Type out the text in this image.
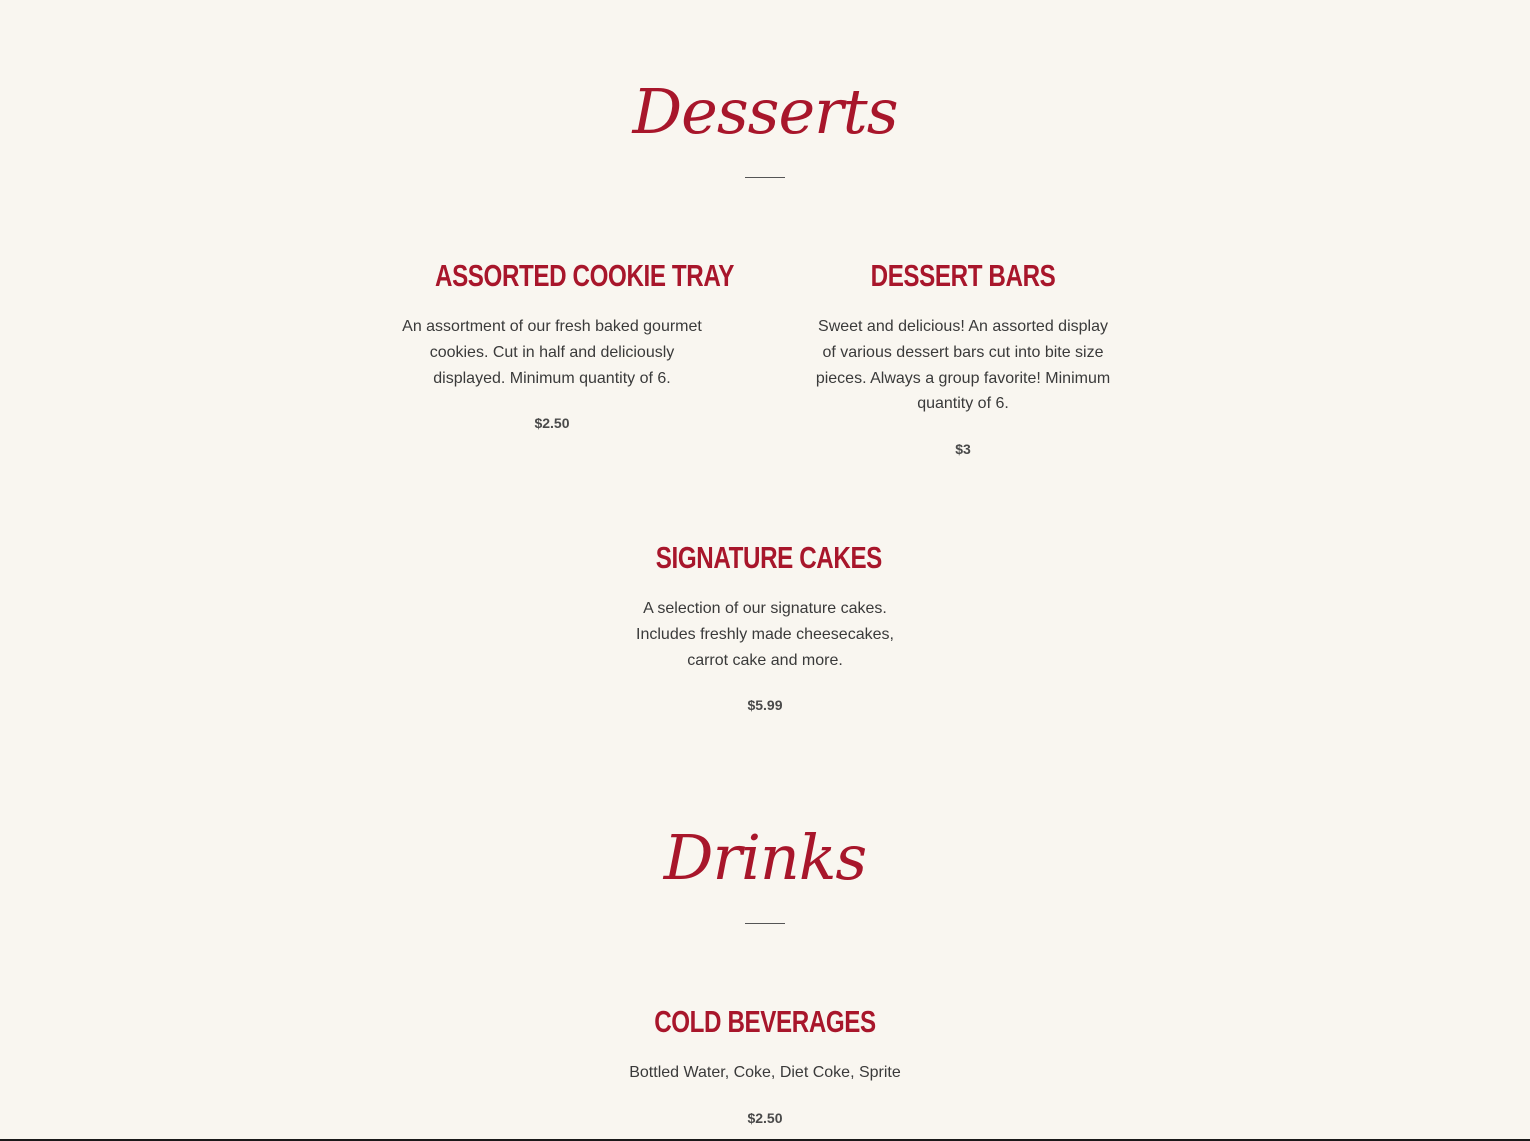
Desserts
ASSORTED COOKIE TRAY

An assortment of our fresh baked gourmet cookies. Cut in half and deliciously displayed. Minimum quantity of 6.

$2.50

DESSERT BARS

Sweet and delicious! An assorted display of various dessert bars cut into bite size pieces. Always a group favorite! Minimum quantity of 6.

$3

SIGNATURE CAKES

A selection of our signature cakes. Includes freshly made cheesecakes, carrot cake and more.

$5.99

Drinks
COLD BEVERAGES

Bottled Water, Coke, Diet Coke, Sprite

$2.50
